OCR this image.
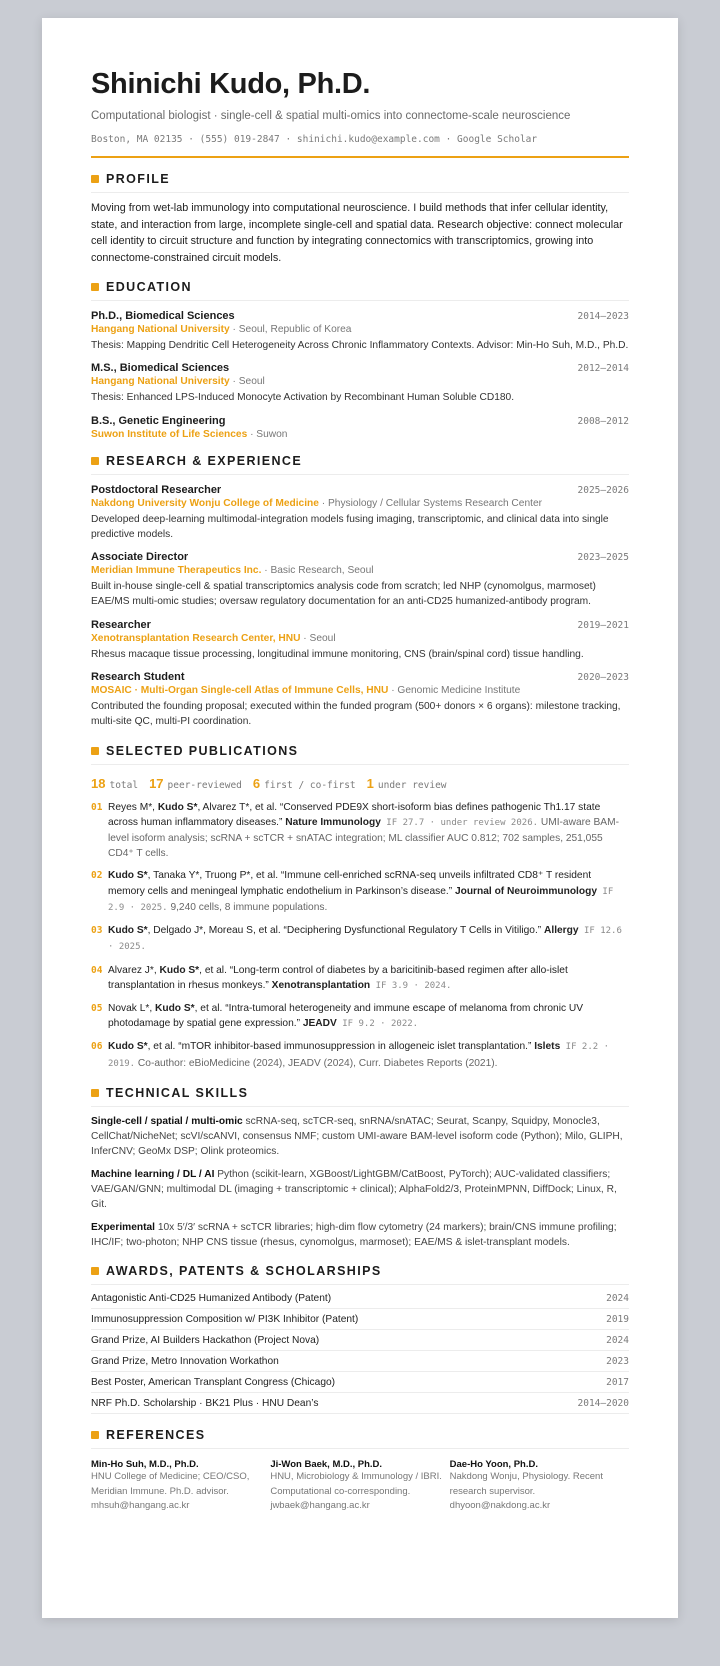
Shinichi Kudo, Ph.D.
Computational biologist · single-cell & spatial multi-omics into connectome-scale neuroscience
Boston, MA 02135 · (555) 019-2847 · shinichi.kudo@example.com · Google Scholar
PROFILE
Moving from wet-lab immunology into computational neuroscience. I build methods that infer cellular identity, state, and interaction from large, incomplete single-cell and spatial data. Research objective: connect molecular cell identity to circuit structure and function by integrating connectomics with transcriptomics, growing into connectome-constrained circuit models.
EDUCATION
Ph.D., Biomedical Sciences	2014–2023
Hangang National University · Seoul, Republic of Korea
Thesis: Mapping Dendritic Cell Heterogeneity Across Chronic Inflammatory Contexts. Advisor: Min-Ho Suh, M.D., Ph.D.
M.S., Biomedical Sciences	2012–2014
Hangang National University · Seoul
Thesis: Enhanced LPS-Induced Monocyte Activation by Recombinant Human Soluble CD180.
B.S., Genetic Engineering	2008–2012
Suwon Institute of Life Sciences · Suwon
RESEARCH & EXPERIENCE
Postdoctoral Researcher	2025–2026
Nakdong University Wonju College of Medicine · Physiology / Cellular Systems Research Center
Developed deep-learning multimodal-integration models fusing imaging, transcriptomic, and clinical data into single predictive models.
Associate Director	2023–2025
Meridian Immune Therapeutics Inc. · Basic Research, Seoul
Built in-house single-cell & spatial transcriptomics analysis code from scratch; led NHP (cynomolgus, marmoset) EAE/MS multi-omic studies; oversaw regulatory documentation for an anti-CD25 humanized-antibody program.
Researcher	2019–2021
Xenotransplantation Research Center, HNU · Seoul
Rhesus macaque tissue processing, longitudinal immune monitoring, CNS (brain/spinal cord) tissue handling.
Research Student	2020–2023
MOSAIC · Multi-Organ Single-cell Atlas of Immune Cells, HNU · Genomic Medicine Institute
Contributed the founding proposal; executed within the funded program (500+ donors × 6 organs): milestone tracking, multi-site QC, multi-PI coordination.
SELECTED PUBLICATIONS
18 total 17 peer-reviewed 6 first / co-first 1 under review
01 Reyes M*, Kudo S*, Alvarez T*, et al. “Conserved PDE9X short-isoform bias defines pathogenic Th1.17 state across human inflammatory diseases.” Nature Immunology IF 27.7 · under review 2026. UMI-aware BAM-level isoform analysis; scRNA + scTCR + snATAC integration; ML classifier AUC 0.812; 702 samples, 251,055 CD4⁺ T cells.
02 Kudo S*, Tanaka Y*, Truong P*, et al. “Immune cell-enriched scRNA-seq unveils infiltrated CD8⁺ T resident memory cells and meningeal lymphatic endothelium in Parkinson’s disease.” Journal of Neuroimmunology IF 2.9 · 2025. 9,240 cells, 8 immune populations.
03 Kudo S*, Delgado J*, Moreau S, et al. “Deciphering Dysfunctional Regulatory T Cells in Vitiligo.” Allergy IF 12.6 · 2025.
04 Alvarez J*, Kudo S*, et al. “Long-term control of diabetes by a baricitinib-based regimen after allo-islet transplantation in rhesus monkeys.” Xenotransplantation IF 3.9 · 2024.
05 Novak L*, Kudo S*, et al. “Intra-tumoral heterogeneity and immune escape of melanoma from chronic UV photodamage by spatial gene expression.” JEADV IF 9.2 · 2022.
06 Kudo S*, et al. “mTOR inhibitor-based immunosuppression in allogeneic islet transplantation.” Islets IF 2.2 · 2019. Co-author: eBioMedicine (2024), JEADV (2024), Curr. Diabetes Reports (2021).
TECHNICAL SKILLS
Single-cell / spatial / multi-omic scRNA-seq, scTCR-seq, snRNA/snATAC; Seurat, Scanpy, Squidpy, Monocle3, CellChat/NicheNet; scVI/scANVI, consensus NMF; custom UMI-aware BAM-level isoform code (Python); Milo, GLIPH, InferCNV; GeoMx DSP; Olink proteomics.
Machine learning / DL / AI Python (scikit-learn, XGBoost/LightGBM/CatBoost, PyTorch); AUC-validated classifiers; VAE/GAN/GNN; multimodal DL (imaging + transcriptomic + clinical); AlphaFold2/3, ProteinMPNN, DiffDock; Linux, R, Git.
Experimental 10x 5′/3′ scRNA + scTCR libraries; high-dim flow cytometry (24 markers); brain/CNS immune profiling; IHC/IF; two-photon; NHP CNS tissue (rhesus, cynomolgus, marmoset); EAE/MS & islet-transplant models.
AWARDS, PATENTS & SCHOLARSHIPS
Antagonistic Anti-CD25 Humanized Antibody (Patent)	2024
Immunosuppression Composition w/ PI3K Inhibitor (Patent)	2019
Grand Prize, AI Builders Hackathon (Project Nova)	2024
Grand Prize, Metro Innovation Workathon	2023
Best Poster, American Transplant Congress (Chicago)	2017
NRF Ph.D. Scholarship · BK21 Plus · HNU Dean’s	2014–2020
REFERENCES
Min-Ho Suh, M.D., Ph.D.
HNU College of Medicine; CEO/CSO, Meridian Immune. Ph.D. advisor.
mhsuh@hangang.ac.kr
Ji-Won Baek, M.D., Ph.D.
HNU, Microbiology & Immunology / IBRI. Computational co-corresponding.
jwbaek@hangang.ac.kr
Dae-Ho Yoon, Ph.D.
Nakdong Wonju, Physiology. Recent research supervisor.
dhyoon@nakdong.ac.kr
